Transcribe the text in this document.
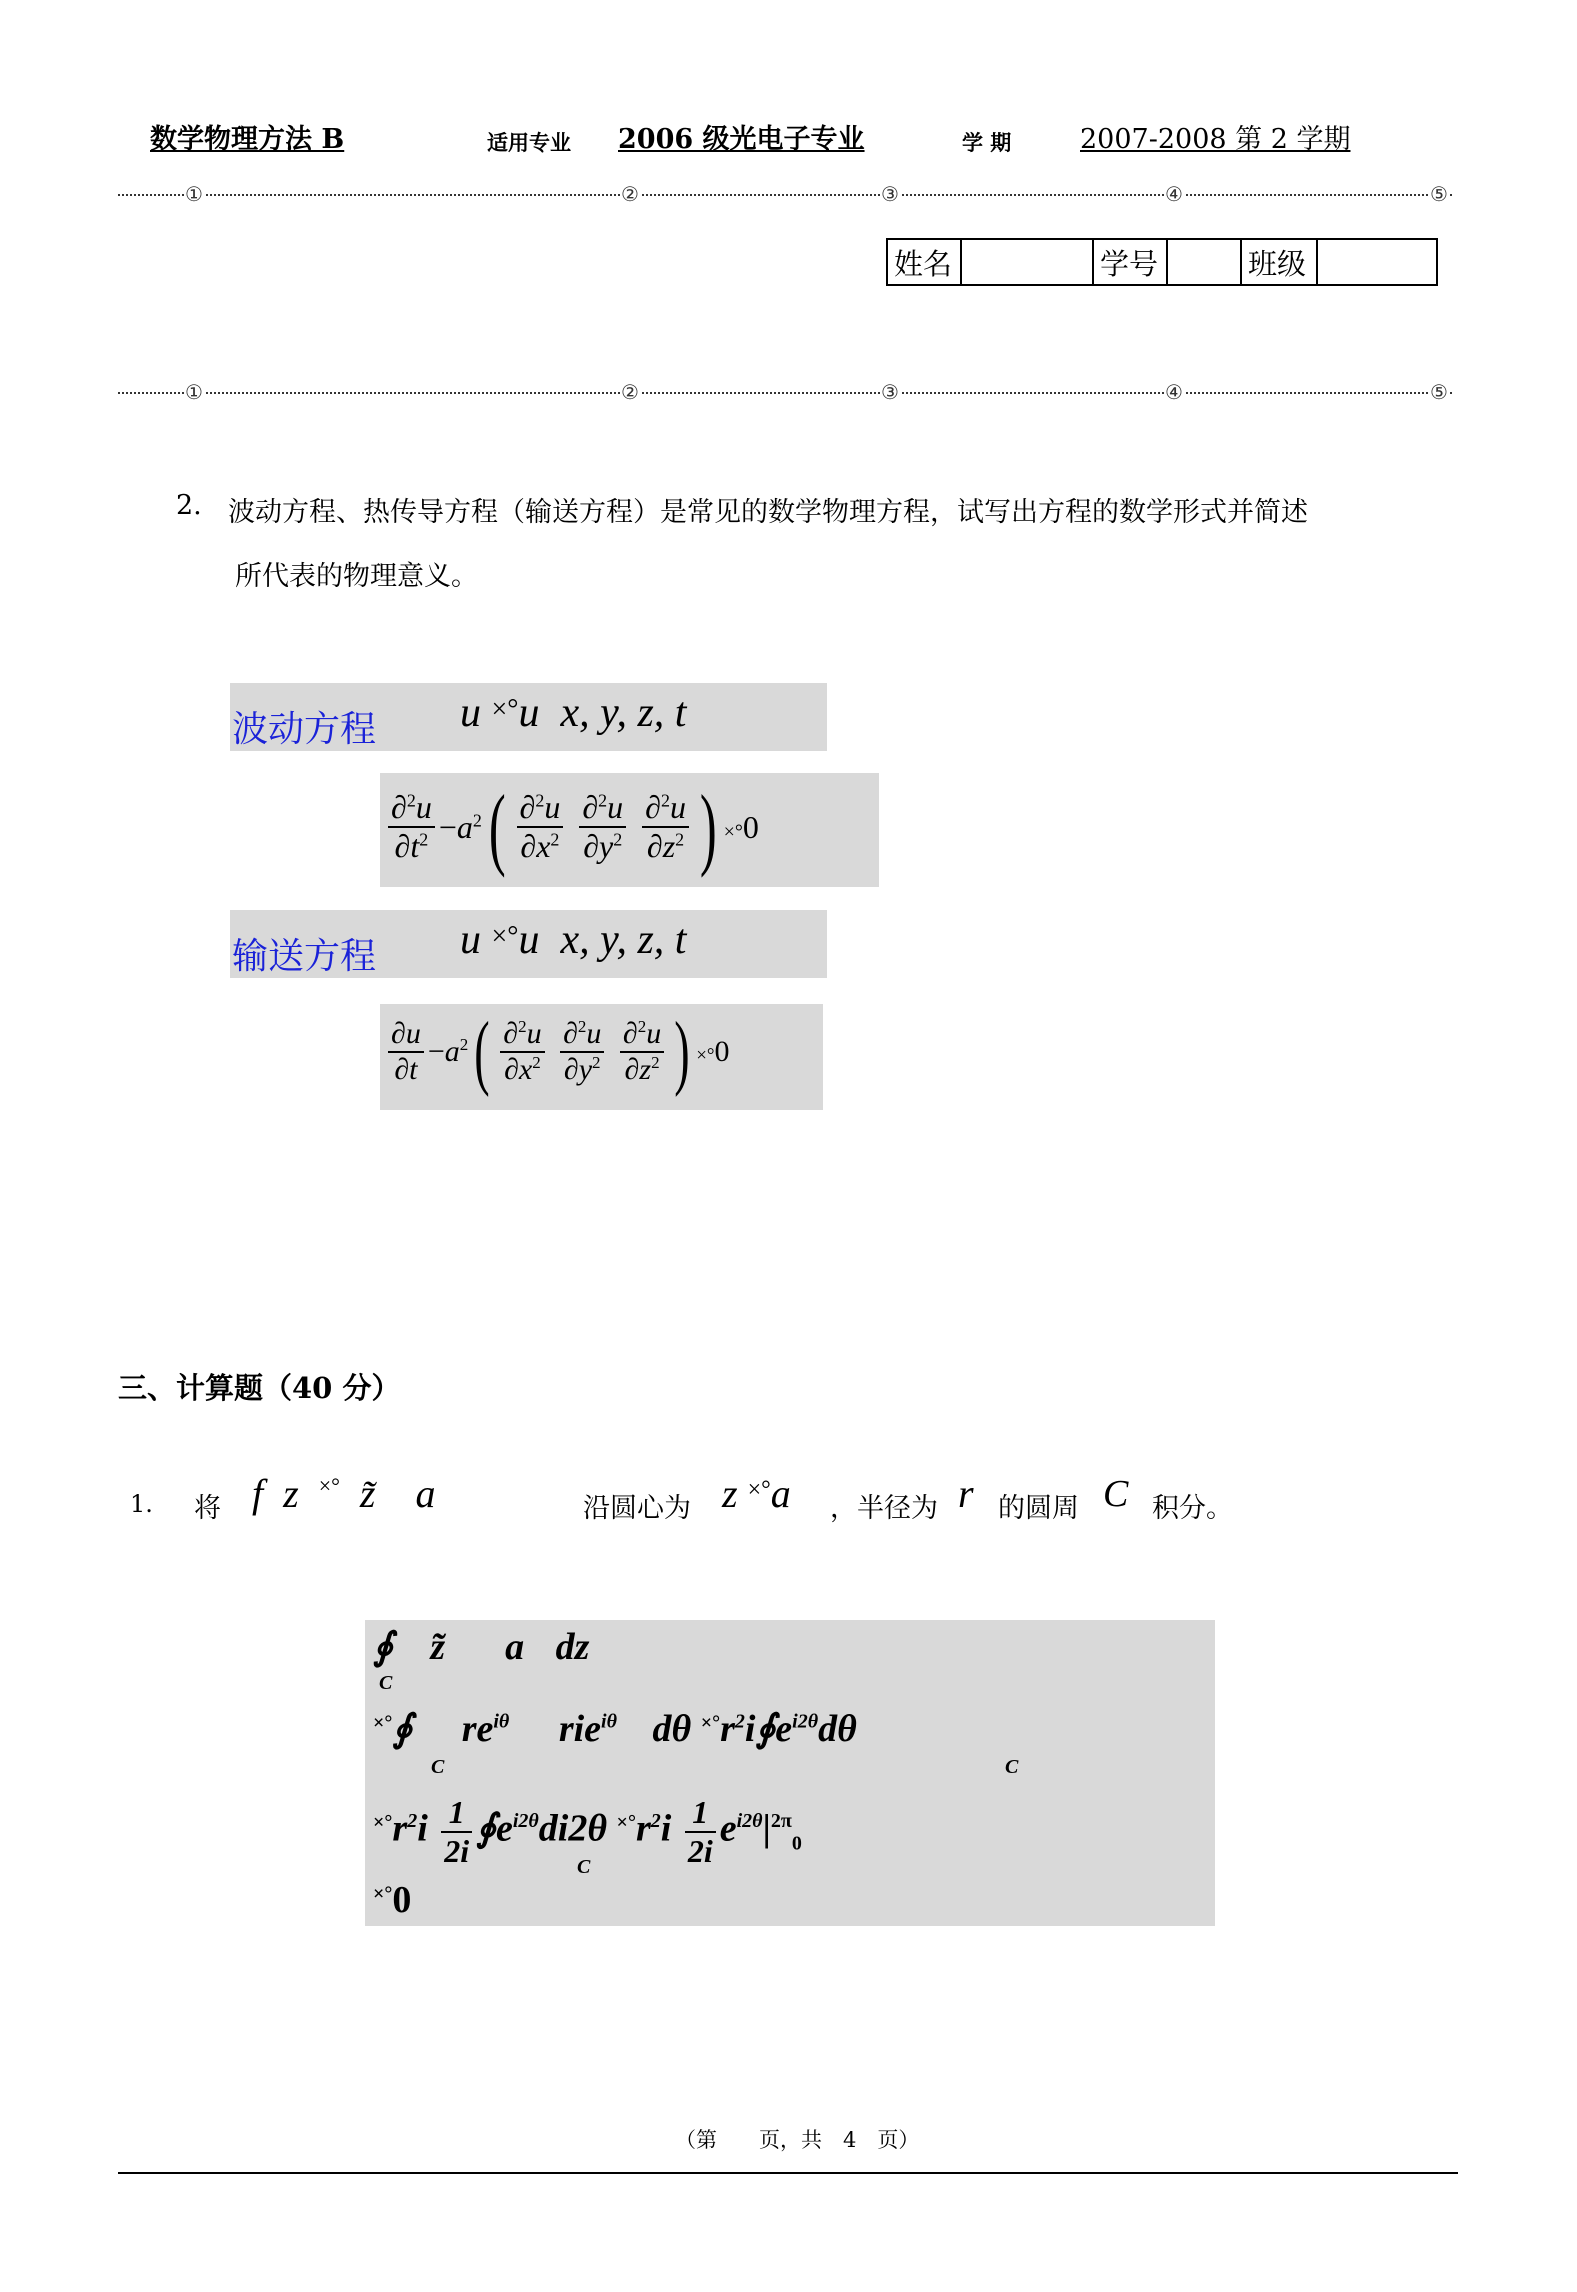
数学物理方法 B	适用专业 2006 级光电子专业	学 期	2007-2008 第 2 学期
①	②	③	④	⑤
姓名		学号		班级	
①	②	③	④	⑤
2. 波动方程、热传导方程（输送方程）是常见的数学物理方程，试写出方程的数学形式并简述
所代表的物理意义。
波动方程 u ×°u  x, y, z, t
$\frac{\partial^2u}{\partial t^2} -a^2( \frac{\partial^2u}{\partial x^2}$
$\frac{\partial^2u}{\partial y^2}$
$\frac{\partial^2u}{\partial z^2}$ ) ×°0
输送方程 u ×°u  x, y, z, t
$\frac{\partial u}{\partial t} -a^2( \frac{\partial^2u}{\partial x^2}$
$\frac{\partial^2u}{\partial y^2}$
$\frac{\partial^2u}{\partial z^2}$ ) ×°0
三、计算题（40 分）
1. 将 f  z  ×°  z̃    a	沿圆心为 z ×°a ，半径为 r 的圆周 C 积分。
∮ z̃ a dz
C
×°∮ $re^{i\theta}$ rie$^{i\theta}$ dθ $^{\times^\circ}r^2i∮e^{i2\theta}d\theta$
C	C
$^{\times^\circ}r^2i \frac{1}{2i}$ $∮e^{i2\theta}di2\theta$ $^{\times^\circ}r^2i \frac{1}{2i} e^{i2\theta}|^{2\pi}_0$
C
×°0
（第　　页，共　4　页）
